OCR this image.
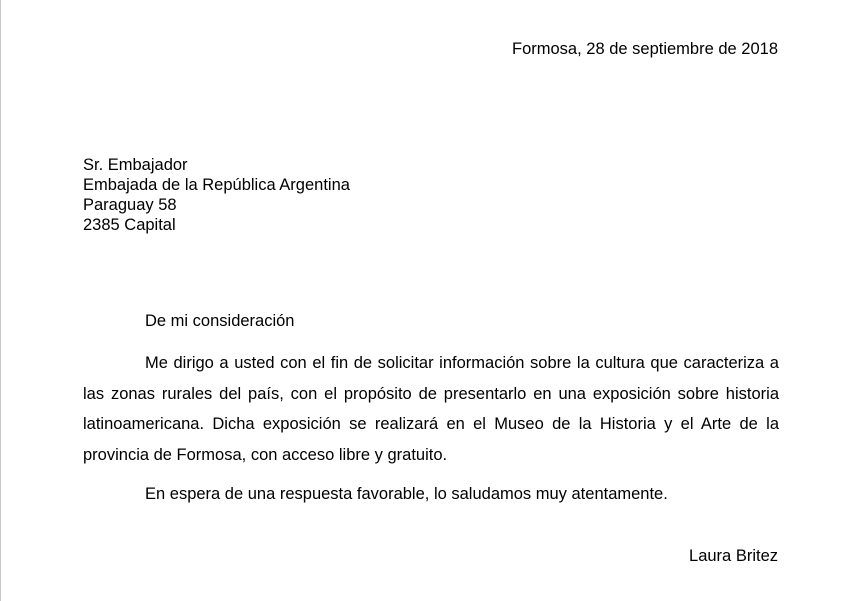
Formosa, 28 de septiembre de 2018
Sr. Embajador
Embajada de la República Argentina
Paraguay 58
2385 Capital
De mi consideración

Me dirigo a usted con el fin de solicitar información sobre la cultura que caracteriza a las zonas rurales del país, con el propósito de presentarlo en una exposición sobre historia latinoamericana. Dicha exposición se realizará en el Museo de la Historia y el Arte de la provincia de Formosa, con acceso libre y gratuito.

En espera de una respuesta favorable, lo saludamos muy atentamente.
Laura Britez
